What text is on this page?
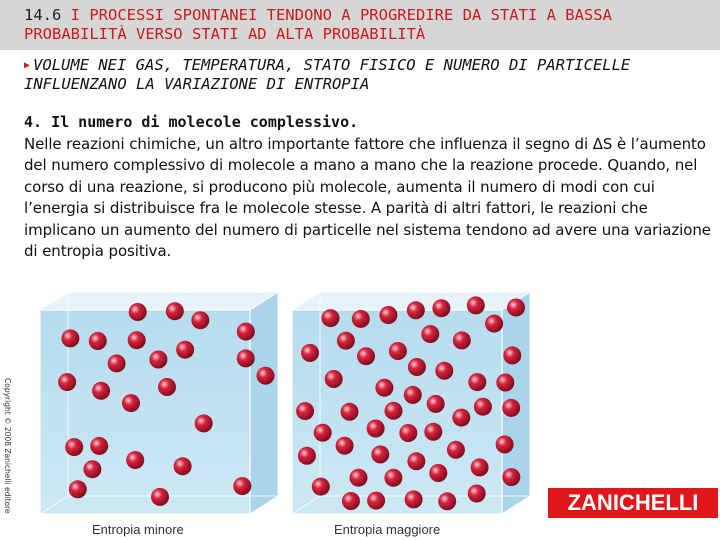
14.6 I PROCESSI SPONTANEI TENDONO A PROGREDIRE DA STATI A BASSA PROBABILITÀ VERSO STATI AD ALTA PROBABILITÀ
▶ VOLUME NEI GAS, TEMPERATURA, STATO FISICO E NUMERO DI PARTICELLE INFLUENZANO LA VARIAZIONE DI ENTROPIA
4. Il numero di molecole complessivo.
Nelle reazioni chimiche, un altro importante fattore che influenza il segno di ΔS è l’aumento del numero complessivo di molecole a mano a mano che la reazione procede. Quando, nel corso di una reazione, si producono più molecole, aumenta il numero di modi con cui l’energia si distribuisce fra le molecole stesse. A parità di altri fattori, le reazioni che implicano un aumento del numero di particelle nel sistema tendono ad avere una variazione di entropia positiva.
Copyright © 2008 Zanichelli editore
Entropia minore	Entropia maggiore
ZANICHELLI
